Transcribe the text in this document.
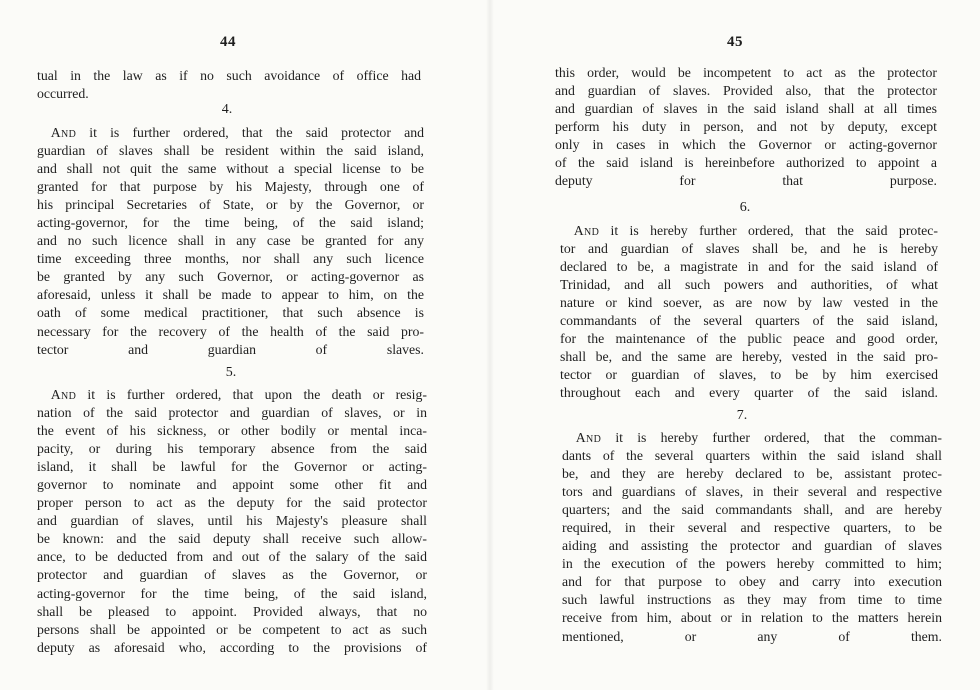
44
tual in the law as if no such avoidance of office had
occurred.
4.
 And it is further ordered, that the said protector and
guardian of slaves shall be resident within the said island,
and shall not quit the same without a special license to be
granted for that purpose by his Majesty, through one of
his principal Secretaries of State, or by the Governor, or
acting-governor, for the time being, of the said island;
and no such licence shall in any case be granted for any
time exceeding three months, nor shall any such licence
be granted by any such Governor, or acting-governor as
aforesaid, unless it shall be made to appear to him, on the
oath of some medical practitioner, that such absence is
necessary for the recovery of the health of the said pro-
tector and guardian of slaves.
5.
 And it is further ordered, that upon the death or resig-
nation of the said protector and guardian of slaves, or in
the event of his sickness, or other bodily or mental inca-
pacity, or during his temporary absence from the said
island, it shall be lawful for the Governor or acting-
governor to nominate and appoint some other fit and
proper person to act as the deputy for the said protector
and guardian of slaves, until his Majesty's pleasure shall
be known: and the said deputy shall receive such allow-
ance, to be deducted from and out of the salary of the said
protector and guardian of slaves as the Governor, or
acting-governor for the time being, of the said island,
shall be pleased to appoint. Provided always, that no
persons shall be appointed or be competent to act as such
deputy as aforesaid who, according to the provisions of
45
this order, would be incompetent to act as the protector
and guardian of slaves. Provided also, that the protector
and guardian of slaves in the said island shall at all times
perform his duty in person, and not by deputy, except
only in cases in which the Governor or acting-governor
of the said island is hereinbefore authorized to appoint a
deputy for that purpose.
6.
 And it is hereby further ordered, that the said protec-
tor and guardian of slaves shall be, and he is hereby
declared to be, a magistrate in and for the said island of
Trinidad, and all such powers and authorities, of what
nature or kind soever, as are now by law vested in the
commandants of the several quarters of the said island,
for the maintenance of the public peace and good order,
shall be, and the same are hereby, vested in the said pro-
tector or guardian of slaves, to be by him exercised
throughout each and every quarter of the said island.
7.
 And it is hereby further ordered, that the comman-
dants of the several quarters within the said island shall
be, and they are hereby declared to be, assistant protec-
tors and guardians of slaves, in their several and respective
quarters; and the said commandants shall, and are hereby
required, in their several and respective quarters, to be
aiding and assisting the protector and guardian of slaves
in the execution of the powers hereby committed to him;
and for that purpose to obey and carry into execution
such lawful instructions as they may from time to time
receive from him, about or in relation to the matters herein
mentioned, or any of them.
